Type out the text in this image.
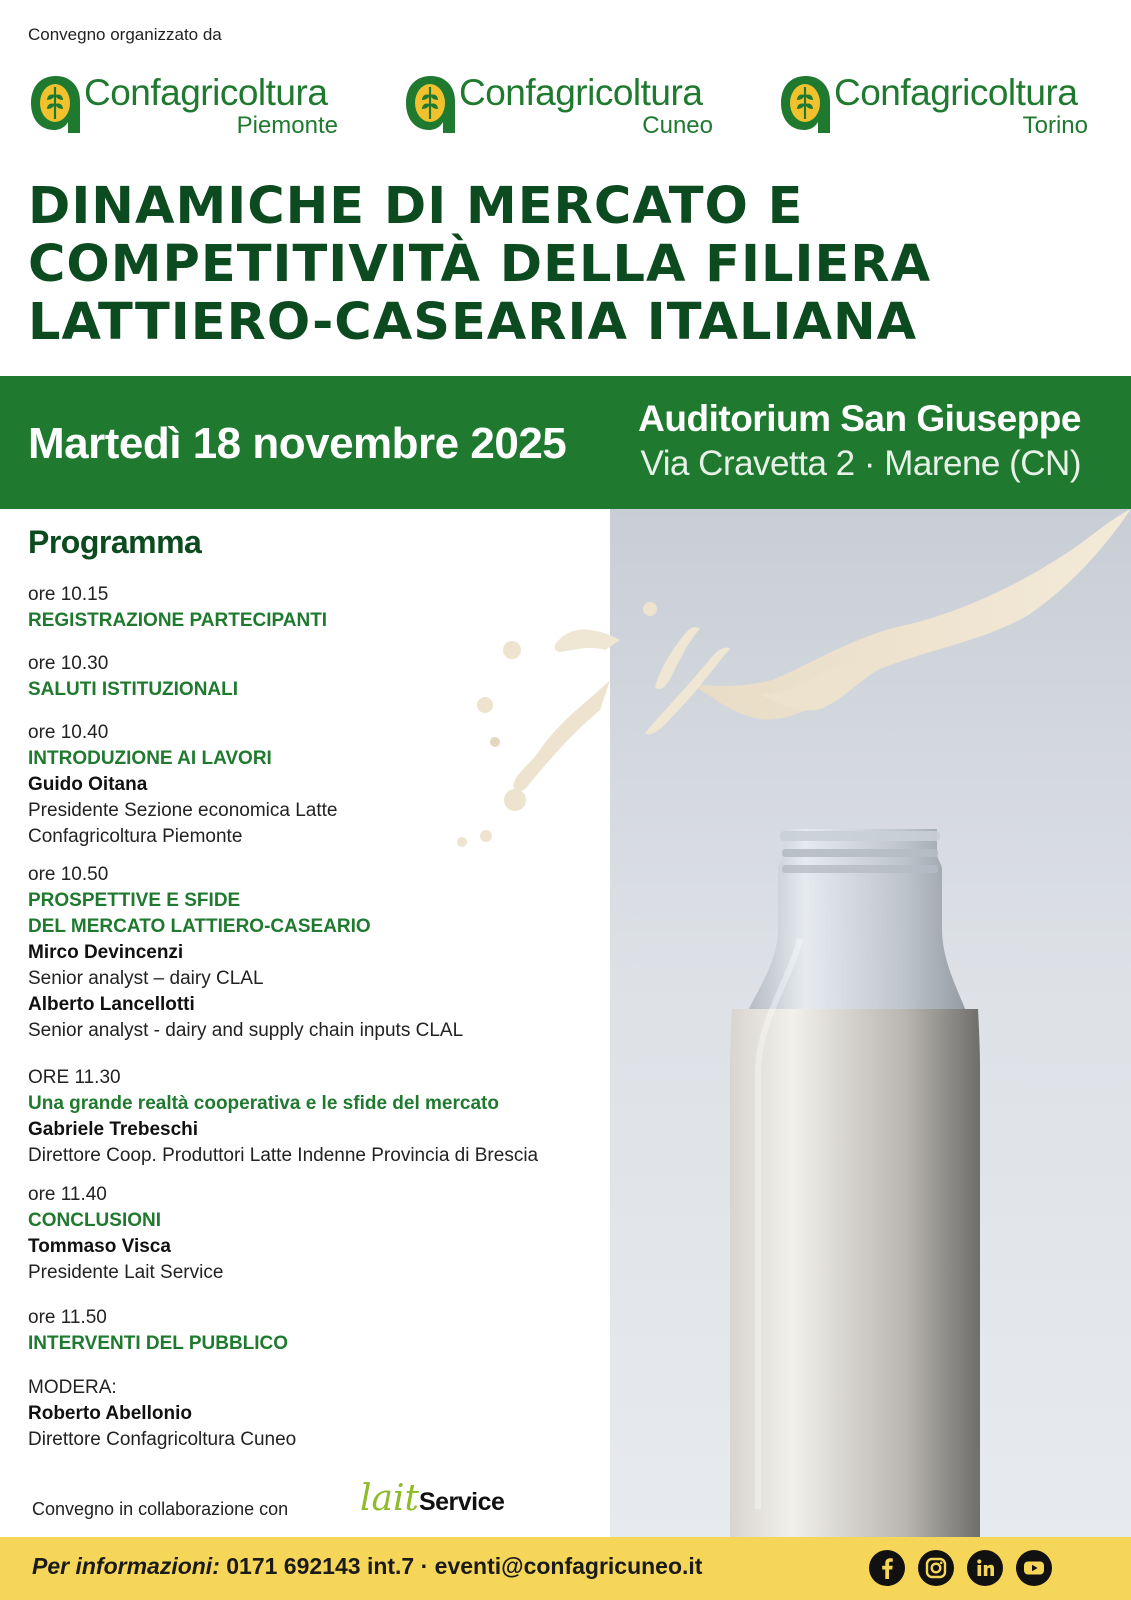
Convegno organizzato da
Confagricoltura
Piemonte
Confagricoltura
Cuneo
Confagricoltura
Torino
DINAMICHE DI MERCATO E
COMPETITIVITÀ DELLA FILIERA
LATTIERO-CASEARIA ITALIANA
Martedì 18 novembre 2025
Auditorium San Giuseppe
Via Cravetta 2 · Marene (CN)
Programma
ore 10.15
REGISTRAZIONE PARTECIPANTI
ore 10.30
SALUTI ISTITUZIONALI
ore 10.40
INTRODUZIONE AI LAVORI
Guido Oitana
Presidente Sezione economica Latte
Confagricoltura Piemonte
ore 10.50
PROSPETTIVE E SFIDE
DEL MERCATO LATTIERO-CASEARIO
Mirco Devincenzi
Senior analyst – dairy CLAL
Alberto Lancellotti
Senior analyst - dairy and supply chain inputs CLAL
ORE 11.30
Una grande realtà cooperativa e le sfide del mercato
Gabriele Trebeschi
Direttore Coop. Produttori Latte Indenne Provincia di Brescia
ore 11.40
CONCLUSIONI
Tommaso Visca
Presidente Lait Service
ore 11.50
INTERVENTI DEL PUBBLICO
MODERA:
Roberto Abellonio
Direttore Confagricoltura Cuneo
Convegno in collaborazione con laitService
Per informazioni: 0171 692143 int.7 · eventi@confagricuneo.it
